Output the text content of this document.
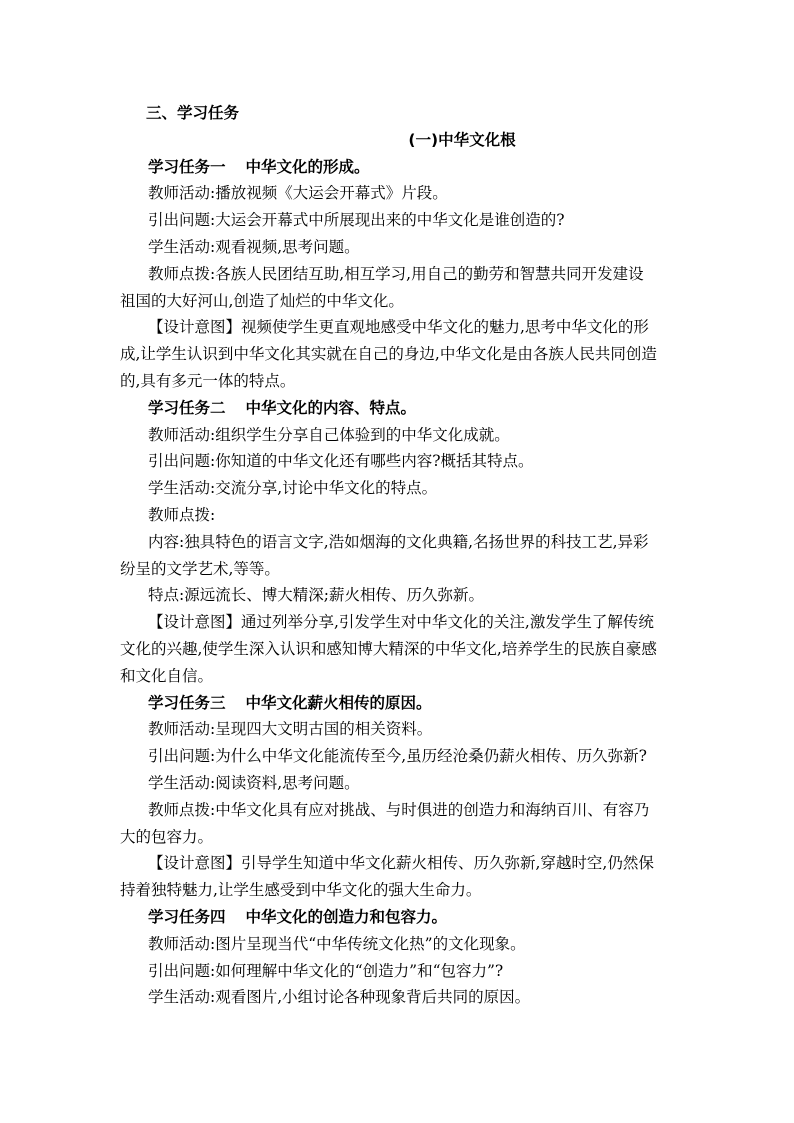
三、学习任务
(一)中华文化根
学习任务一 中华文化的形成。
教师活动:播放视频《大运会开幕式》片段。
引出问题:大运会开幕式中所展现出来的中华文化是谁创造的?
学生活动:观看视频,思考问题。
教师点拨:各族人民团结互助,相互学习,用自己的勤劳和智慧共同开发建设
祖国的大好河山,创造了灿烂的中华文化。
【设计意图】视频使学生更直观地感受中华文化的魅力,思考中华文化的形
成,让学生认识到中华文化其实就在自己的身边,中华文化是由各族人民共同创造
的,具有多元一体的特点。
学习任务二 中华文化的内容、特点。
教师活动:组织学生分享自己体验到的中华文化成就。
引出问题:你知道的中华文化还有哪些内容?概括其特点。
学生活动:交流分享,讨论中华文化的特点。
教师点拨:
内容:独具特色的语言文字,浩如烟海的文化典籍,名扬世界的科技工艺,异彩
纷呈的文学艺术,等等。
特点:源远流长、博大精深;薪火相传、历久弥新。
【设计意图】通过列举分享,引发学生对中华文化的关注,激发学生了解传统
文化的兴趣,使学生深入认识和感知博大精深的中华文化,培养学生的民族自豪感
和文化自信。
学习任务三 中华文化薪火相传的原因。
教师活动:呈现四大文明古国的相关资料。
引出问题:为什么中华文化能流传至今,虽历经沧桑仍薪火相传、历久弥新?
学生活动:阅读资料,思考问题。
教师点拨:中华文化具有应对挑战、与时俱进的创造力和海纳百川、有容乃
大的包容力。
【设计意图】引导学生知道中华文化薪火相传、历久弥新,穿越时空,仍然保
持着独特魅力,让学生感受到中华文化的强大生命力。
学习任务四 中华文化的创造力和包容力。
教师活动:图片呈现当代“中华传统文化热”的文化现象。
引出问题:如何理解中华文化的“创造力”和“包容力”?
学生活动:观看图片,小组讨论各种现象背后共同的原因。
